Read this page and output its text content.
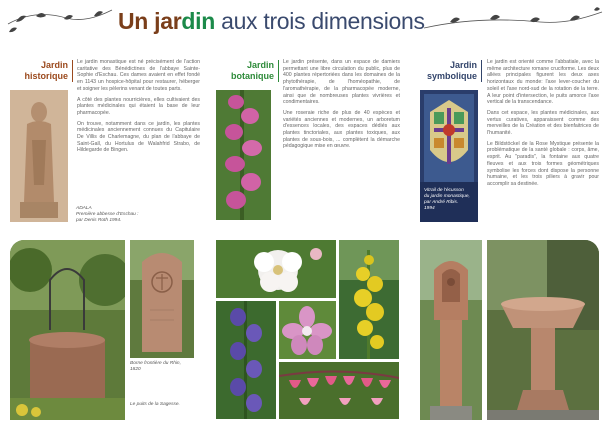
Un jardin aux trois dimensions
Jardin
historique

Le jardin monastique est né précisément de l'action caritative des Bénédictines de l'abbaye Sainte-Sophie d'Eschau. Ces dames avaient en effet fondé en 1143 un hospice-hôpital pour restaurer, héberger et soigner les pèlerins venant de toutes parts.

A côté des plantes nourricières, elles cultivaient des plantes médicinales qui étaient la base de leur pharmacopée.

On trouve, notamment dans ce jardin, les plantes médicinales anciennement connues du Capitulaire De Villis de Charlemagne, du plan de l'abbaye de Saint-Gall, du Hortulus de Walahfrid Strabo, de Hildegarde de Bingen.

ADALA
Première abbesse d'Eschau :
par Denis Roth 1994.
Jardin
botanique

Le jardin présente, dans un espace de damiers permettant une libre circulation du public, plus de 400 plantes répertoriées dans les domaines de la phytothérapie, de l'homéopathie, de l'aromathérapie, de la pharmacopée moderne, ainsi que de nombreuses plantes vivrières et condimentaires.

Une roseraie riche de plus de 40 espèces et variétés anciennes et modernes, un arboretum d'essences locales, des espaces dédiés aux plantes tinctoriales, aux plantes toxiques, aux plantes de sous-bois, ... complètent la démarche pédagogique mise en œuvre.

Jardin
symbolique

Le jardin est orienté comme l'abbatiale, avec la même architecture romane cruciforme. Les deux allées principales figurent les deux axes horizontaux du monde: l'axe lever-coucher du soleil et l'axe nord-sud de la rotation de la terre. A leur point d'intersection, le puits amorce l'axe vertical de la transcendance.

Dans cet espace, les plantes médicinales, aux vertus curatives, apparaissent comme des merveilles de la Création et des bienfaitrices de l'humanité.

Le Bildstöckel de la Rose Mystique présente la problématique de la santé globale : corps, âme, esprit. Au "paradis", la fontaine aux quatre fleuves et aux trois formes géométriques symbolise les forces dont dispose la personne humaine, et les trois piliers à gravir pour accomplir sa destinée.

Vitrail de l'écusson
du jardin monastique,
par André Ribis.
1994
Borne frontière du Rhin,
1820
Le puits de la Sagesse.
